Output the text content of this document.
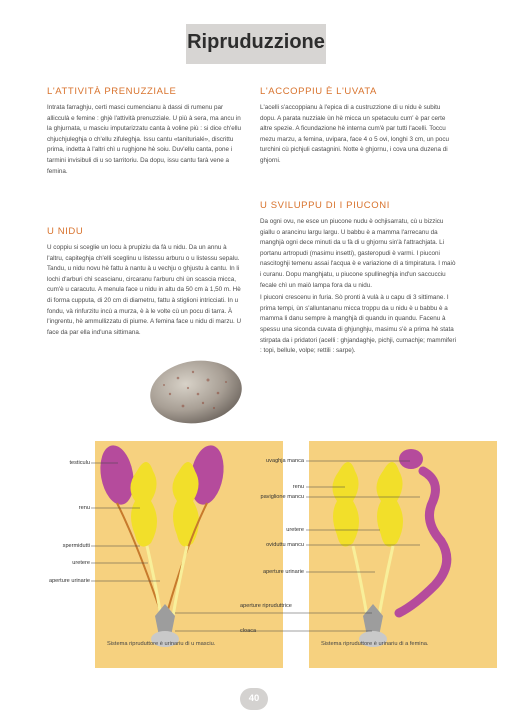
Ripruduzzione
L'ATTIVITÀ PRENUZZIALE

Intrata farraghju, certi masci cumencianu à dassi di rumenu par allicculà e femine : ghjè l'attività prenuzziale. U più à sera, ma ancu in la ghjurnata, u masciu imputarizzatu canta à voline più : si dice ch'ellu chjuchjuleghja o ch'ellu zifuleghja. Issu cantu «taniturialé», discrittu prima, indetta à l'altri chì u rughjone hè soiu. Duv'ellu canta, pone i tarmini invisibuli di u so tarritoriu. Da dopu, issu cantu farà vene a femina.

U NIDU

U coppiu si sceglie un locu à prupiziu da fà u nidu. Da un annu à l'altru, capiteghja ch'elli sceglinu u listessu arburu o u listessu sepalu. Tandu, u nidu novu hè fattu à nantu à u vechju o ghjustu à cantu. In li lochi d'arburi chì scascianu, circaranu l'arburu chì ùn scascia micca, cum'è u caracutu. A menula face u nidu in altu da 50 cm à 1,50 m. Hè di forma cupputa, di 20 cm di diametru, fattu à stiglioni intricciati. In u fondu, và rinfurzitu incù a murza, è à le volte cù un pocu di tarra. À l'ingrentu, hè ammullizzatu di piume. A femina face u nidu di marzu. U face da par ella ind'una sittimana.

L'ACCOPPIU È L'UVATA

L'acelli s'accoppianu à l'epica di a custruzzione di u nidu è subitu dopu. A parata nuzziale ùn hè micca un spetaculu cum' è par certe altre spezie. A ficundazione hè interna cum'è par tutti l'acelli. Toccu mezu marzu, a femina, uvipara, face 4 o 5 ovi, longhi 3 cm, un pocu turchini cù pichjuli castagnini. Notte è ghjornu, i cova una duzena di ghjorni.

U SVILUPPU DI I PIUCONI

Da ogni ovu, ne esce un piucone nudu è ochjisarratu, cù u bizzicu giallu o arancinu largu largu. U babbu è a mamma l'arrecanu da manghjà ogni dece minuti da u fà di u ghjornu sin'à l'attrachjata. Li portanu artropudi (masimu insetti), gasteropudi è varmi. I piuconi nascitoghji temenu assai l'acqua è e variazione di a timpiratura. I maiò i curanu. Dopu manghjatu, u piucone spullineghja ind'un saccucciu fecale chì un maiò lampa fora da u nidu.

I piuconi crescenu in furia. Sò pronti à vulà à u capu di 3 sittimane. I prima tempi, ùn s'alluntananu micca troppu da u nidu è u babbu è a mamma li danu sempre à manghjà di quandu in quandu. Facenu à spessu una siconda cuvata di ghjunghju, masimu s'è a prima hè stata stirpata da i pridatori (acelli : ghjandaghje, pichji, cumachje; mammiferi : topi, bellule, volpe; rettili : sarpe).

Sistema ripruduttore è urinariu di u masciu.	Sistema ripruduttore è urinariu di a femina.
testiculu
renu
spermidutti
uretere
aperture urinarie
uvaghja manca
renu
paviglione mancu
uretere
oviduttu mancu
aperture urinarie
aperture ripruduttrice
cloaca
40
